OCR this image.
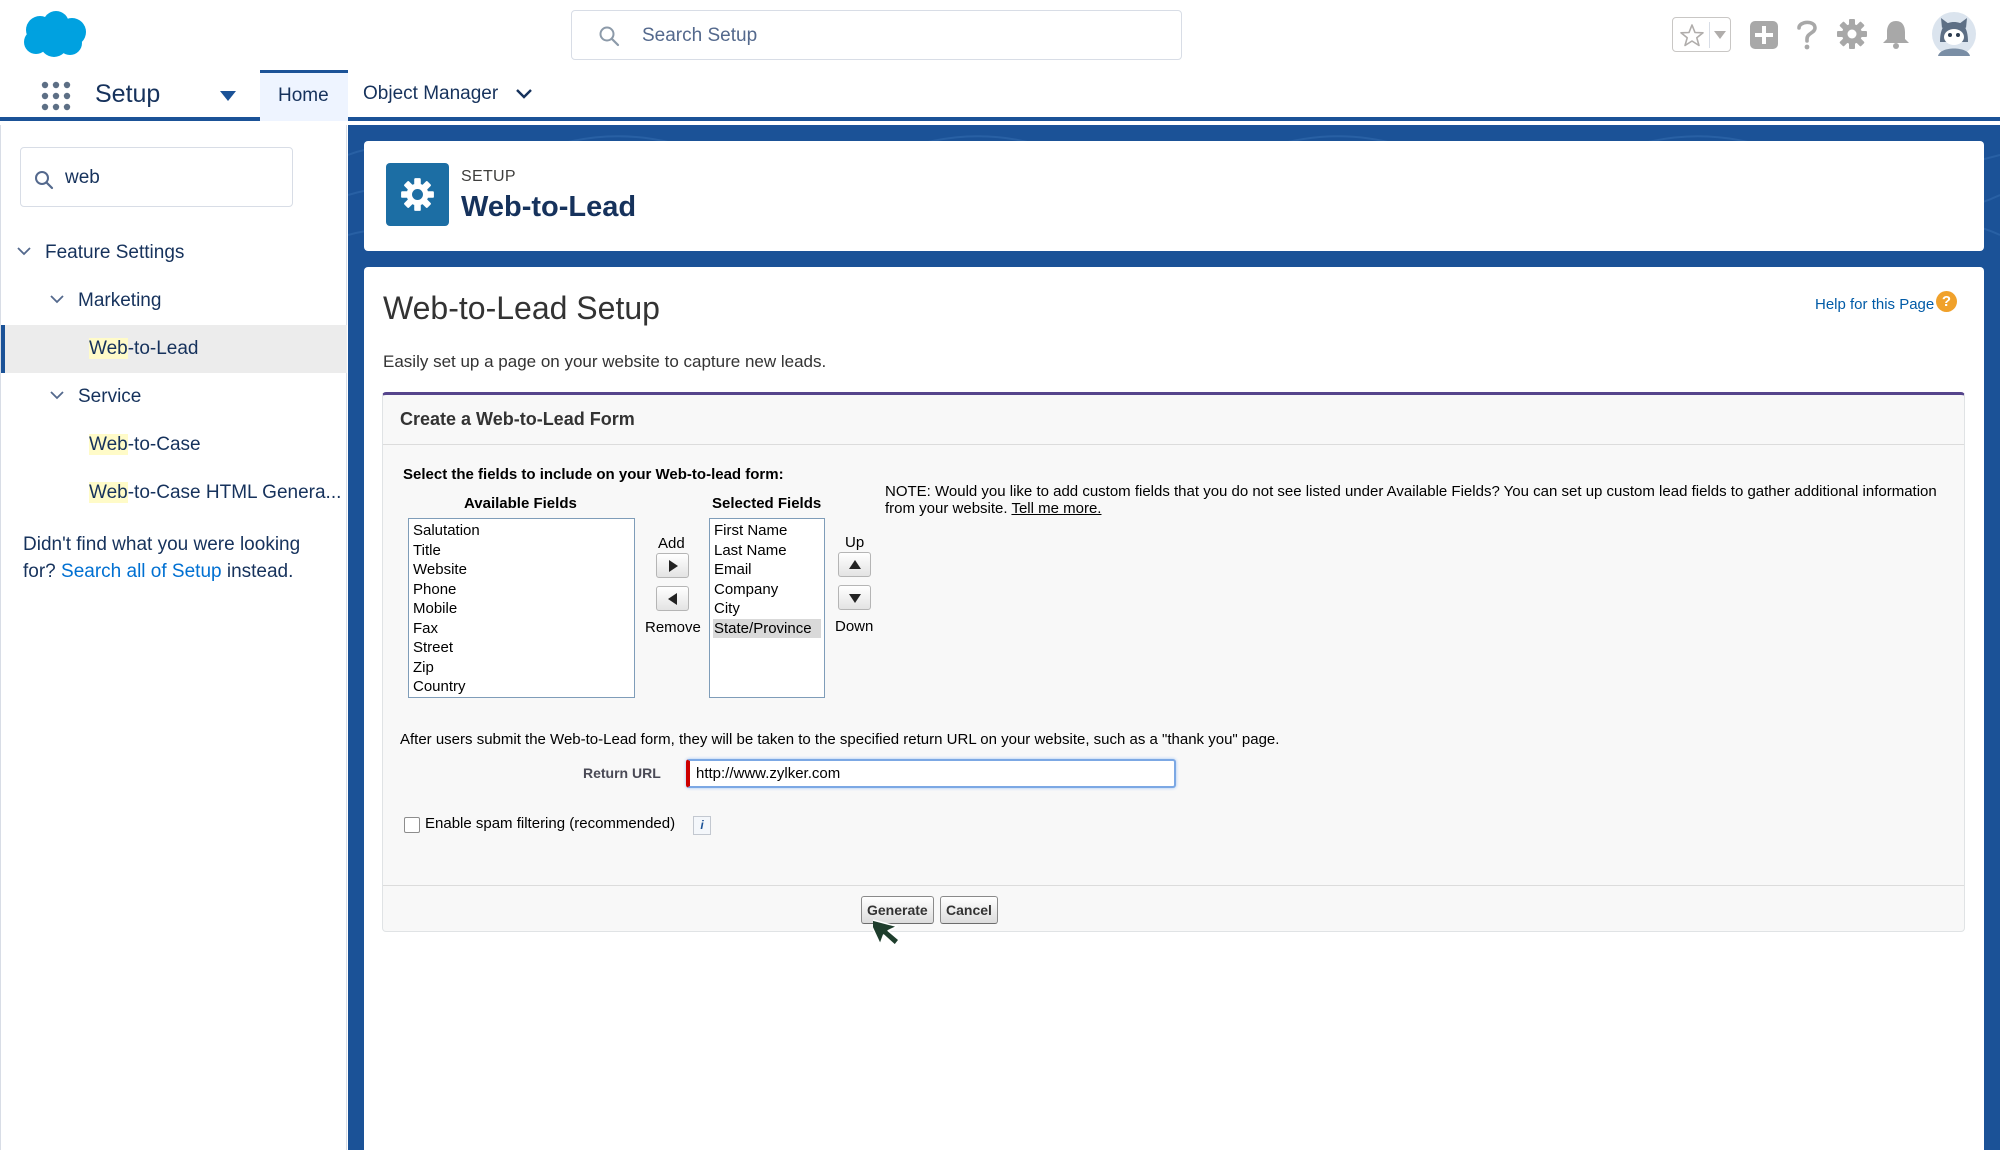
Search Setup
Setup	Home Object Manager
web
Feature Settings
Marketing
Web-to-Lead
Service
Web-to-Case
Web-to-Case HTML Genera...
Didn't find what you were looking for? Search all of Setup instead.
SETUP
Web-to-Lead
Web-to-Lead Setup	Help for this Page ?
Easily set up a page on your website to capture new leads.
Create a Web-to-Lead Form
Select the fields to include on your Web-to-lead form:
Available Fields
Salutation
Title
Website
Phone
Mobile
Fax
Street
Zip
Country
Add
Remove
Selected Fields
First Name
Last Name
Email
Company
City
State/Province
Up
Down
NOTE: Would you like to add custom fields that you do not see listed under Available Fields? You can set up custom lead fields to gather additional information from your website. Tell me more.
After users submit the Web-to-Lead form, they will be taken to the specified return URL on your website, such as a "thank you" page.
Return URL
http://www.zylker.com
Enable spam filtering (recommended)	i
Generate	Cancel
